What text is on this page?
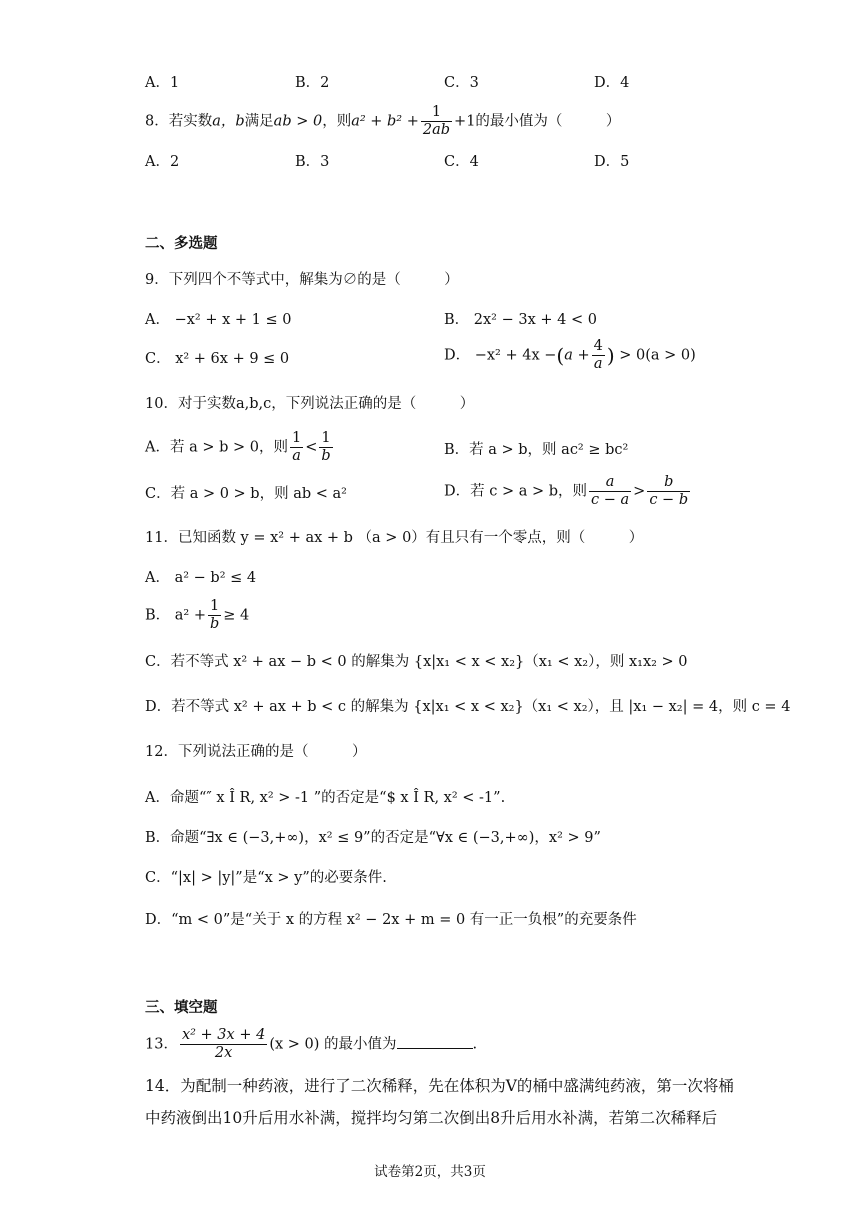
A．1	B．2	C．3	D．4
8．若实数a，b满足ab > 0，则$a^2 + b^2 + \frac{1}{2ab} +1$的最小值为（　　　）
A．2	B．3	C．4	D．5
二、多选题
9．下列四个不等式中，解集为∅的是（　　　）
A． −x² + x + 1 ≤ 0	B． 2x² − 3x + 4 < 0
C． x² + 6x + 9 ≤ 0	D． $-x^2 + 4x -(a + \frac{4}{a}$ ) > 0(a > 0)
10．对于实数a,b,c，下列说法正确的是（　　　）
A．若 a > b > 0，则 $\frac{1}{a} < \frac{1}{b}$	B．若 a > b，则 ac² ≥ bc²
C．若 a > 0 > b，则 ab < a²	D．若 c > a > b，则 $\frac{a}{c - a} > \frac{b}{c - b}$
11．已知函数 y = x² + ax + b （a > 0）有且只有一个零点，则（　　　）
A． a² − b² ≤ 4
B． $a^2 + \frac{1}{b} \ge 4$
C．若不等式 x² + ax − b < 0 的解集为 {x|x₁ < x < x₂}（x₁ < x₂），则 x₁x₂ > 0
D．若不等式 x² + ax + b < c 的解集为 {x|x₁ < x < x₂}（x₁ < x₂），且 |x₁ − x₂| = 4，则 c = 4
12．下列说法正确的是（　　　）
A．命题“″ x Î R, x² > -1 ”的否定是“$ x Î R, x² < -1”.
B．命题“∃x ∈ (−3,+∞)，x² ≤ 9”的否定是“∀x ∈ (−3,+∞)，x² > 9”
C．“|x| > |y|”是“x > y”的必要条件.
D．“m < 0”是“关于 x 的方程 x² − 2x + m = 0 有一正一负根”的充要条件
三、填空题
13． $\frac{\text{x² + 3x + 4}}{2x} (x > 0)$ 的最小值为	.
14．为配制一种药液，进行了二次稀释，先在体积为V的桶中盛满纯药液，第一次将桶
中药液倒出10升后用水补满，搅拌均匀第二次倒出8升后用水补满，若第二次稀释后
试卷第2页，共3页
